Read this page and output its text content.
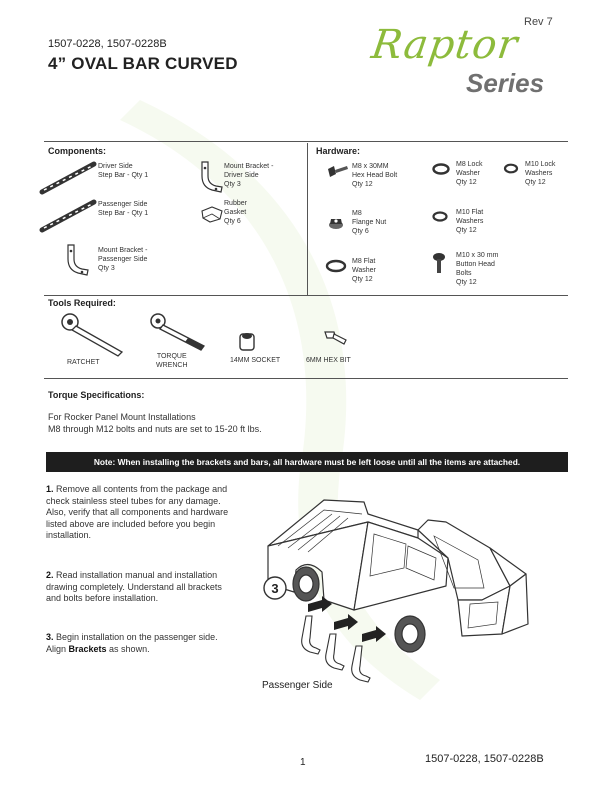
Rev 7
1507-0228, 1507-0228B
4” OVAL BAR CURVED	Raptor
Series
Components:
Driver Side
Step Bar - Qty 1
Passenger Side
Step Bar - Qty 1
Mount Bracket -
Passenger Side
Qty 3
Mount Bracket -
Driver Side
Qty 3
Rubber
Gasket
Qty 6
Hardware:
M8 x 30MM
Hex Head Bolt
Qty 12
M8
Flange Nut
Qty 6
M8 Flat
Washer
Qty 12
M8 Lock
Washer
Qty 12
M10 Flat
Washers
Qty 12
M10 x 30 mm
Button Head
Bolts
Qty 12
M10 Lock
Washers
Qty 12
Tools Required:
RATCHET
TORQUE
WRENCH
14MM SOCKET	6MM HEX BIT
Torque Specifications:
For Rocker Panel Mount Installations
M8 through M12 bolts and nuts are set to 15-20 ft lbs.
Note: When installing the brackets and bars, all hardware must be left loose until all the items are attached.
1. Remove all contents from the package and check stainless steel tubes for any damage. Also, verify that all components and hardware listed above are included before you begin installation.
2. Read installation manual and installation drawing completely. Understand all brackets and bolts before installation.
3. Begin installation on the passenger side. Align Brackets as shown.
3
Passenger Side
1	1507-0228, 1507-0228B
